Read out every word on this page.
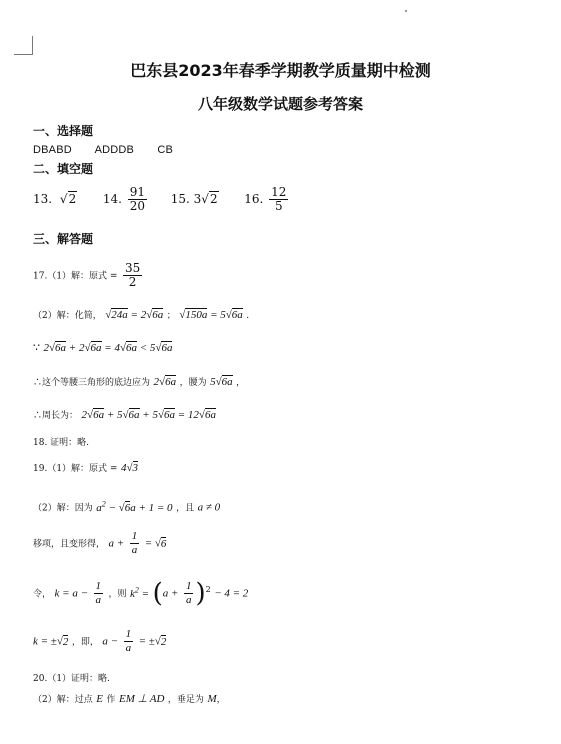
巴东县2023年春季学期教学质量期中检测
八年级数学试题参考答案
一、选择题
DBABD ADDDB CB
二、填空题
13. √2 14. $\frac{91}{20} 15$. 3√2 16. $\frac{12}{5}$
三、解答题
17.（1）解：原式 = $\frac{35}{2}$
（2）解：化简， √24a = 2√6a ； √150a = 5√6a .
∵ 2√6a + 2√6a = 4√6a < 5√6a
∴这个等腰三角形的底边应为 2√6a ，腰为 5√6a ，
∴周长为： 2√6a + 5√6a + 5√6a = 12√6a
18. 证明：略.
19.（1）解：原式 = 4√3
（2）解：因为 $a^2 - √6a + 1 = 0$ ，且 a ≠ 0
移项，且变形得， $a + \frac{1}{a} = √6$
令， $k = a - \frac{1}{a}$ ，则 $k^2 = (a + \frac{1}{a} )^2 - 4 = 2$
k = ±√2 ，即， $a - \frac{1}{a} = \pm√2$
20.（1）证明：略.
（2）解：过点 E 作 EM ⊥ AD ，垂足为 M，
